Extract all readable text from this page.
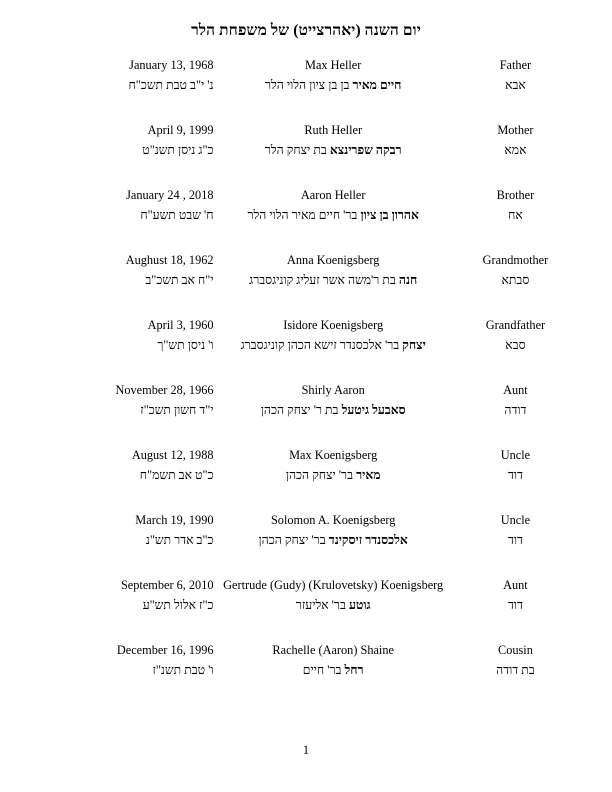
יום השנה (יאהרצייט) של משפחת הלר
January 13, 1968	Max Heller	Father
נ' י"ב טבת תשכ"ח	חיים מאיר בן בן ציון הלוי הלר	אבא

April 9, 1999	Ruth Heller	Mother
כ"ג ניסן תשנ"ט	רבקה שפרינצא בת יצחק הלר	אמא

January 24 , 2018	Aaron Heller	Brother
ח' שבט תשע"ח	אהרון בן ציון בר' חיים מאיר הלוי הלר	אח

Aughust 18, 1962	Anna Koenigsberg	Grandmother
י"ח אב תשכ"ב	חנה בת ר'משה אשר זעליג קוניגסברג	סבתא

April 3, 1960	Isidore Koenigsberg	Grandfather
ו' ניסן תש"ך	יצחק בר' אלכסנדר זישא הכהן קוניגסברג	סבא

November 28, 1966	Shirly Aaron	Aunt
י"ד חשון תשכ"ז	סאבעל גיטעל בת ר' יצחק הכהן	דודה

August 12, 1988	Max Koenigsberg	Uncle
כ"ט אב תשמ"ח	מאיר בר' יצחק הכהן	דוד

March 19, 1990	Solomon A. Koenigsberg	Uncle
כ"ב אדר תש"נ	אלכסנדר זיסקינד בר' יצחק הכהן	דוד

September 6, 2010	Gertrude (Gudy) (Krulovetsky) Koenigsberg	Aunt
כ"ז אלול תש"ע	גוטע בר' אליעזר	דוד

December 16, 1996	Rachelle (Aaron) Shaine	Cousin
ו' טבת תשנ"ז	רחל בר' חיים	בת דודה
1
